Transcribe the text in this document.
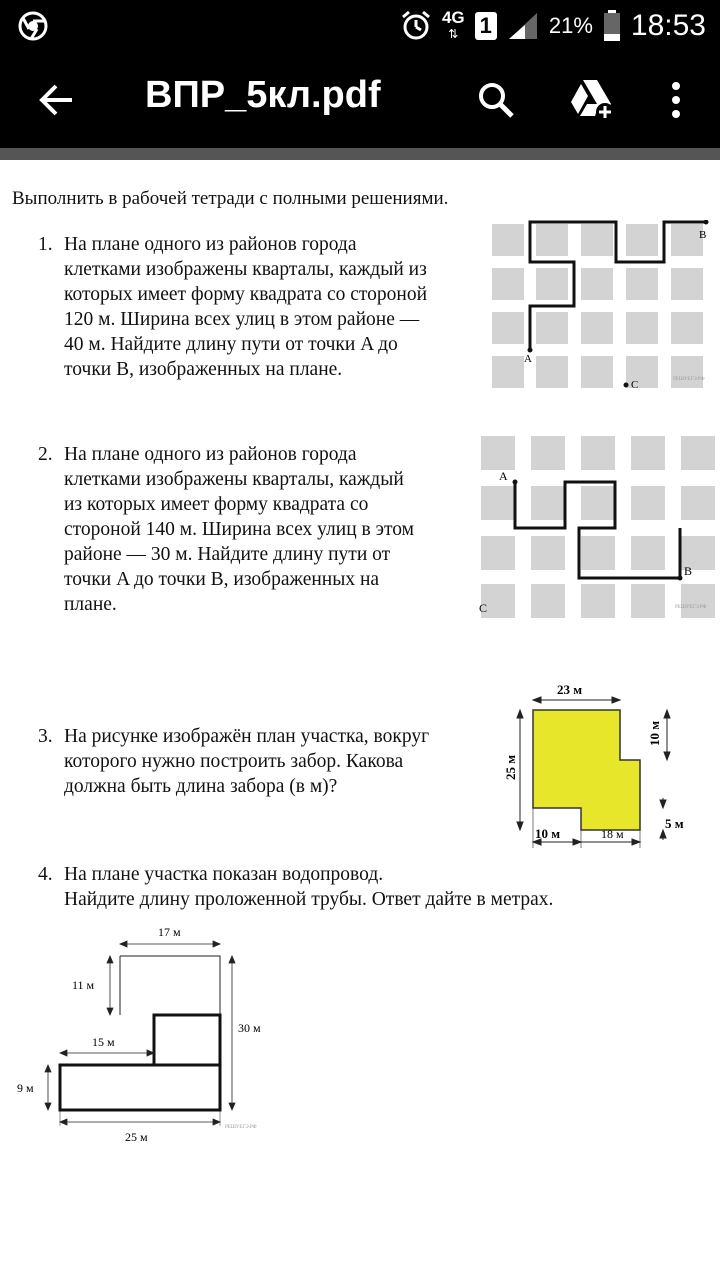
4G
⇅ 1	21% 18:53
ВПР_5кл.pdf
Выполнить в рабочей тетради с полными решениями.
1. На плане одного из районов города
клетками изображены кварталы, каждый из
которых имеет форму квадрата со стороной
120 м. Ширина всех улиц в этом районе —
40 м. Найдите длину пути от точки A до
точки B, изображенных на плане.	A
B
C	РЕШУЕГЭ.РФ
2. На плане одного из районов города
клетками изображены кварталы, каждый
из которых имеет форму квадрата со
стороной 140 м. Ширина всех улиц в этом
районе — 30 м. Найдите длину пути от
точки A до точки B, изображенных на
плане.
A
B
C	РЕШУЕГЭ.РФ
3. На рисунке изображён план участка, вокруг
которого нужно построить забор. Какова
должна быть длина забора (в м)?
23 м
25 м
10 м
5 м
10 м	18 м
4. На плане участка показан водопровод.
Найдите длину проложенной трубы. Ответ дайте в метрах.
17 м
11 м
30 м
15 м
9 м
25 м
РЕШУЕГЭ.РФ
